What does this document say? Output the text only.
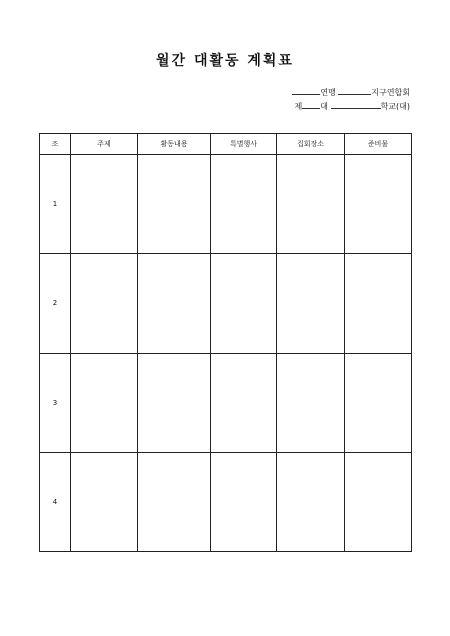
월간 대활동 계획표
연맹	지구연합회
제 대	학교(대)
조	주제	활동내용	특별행사	집회장소	준비물
1					
2					
3					
4					
